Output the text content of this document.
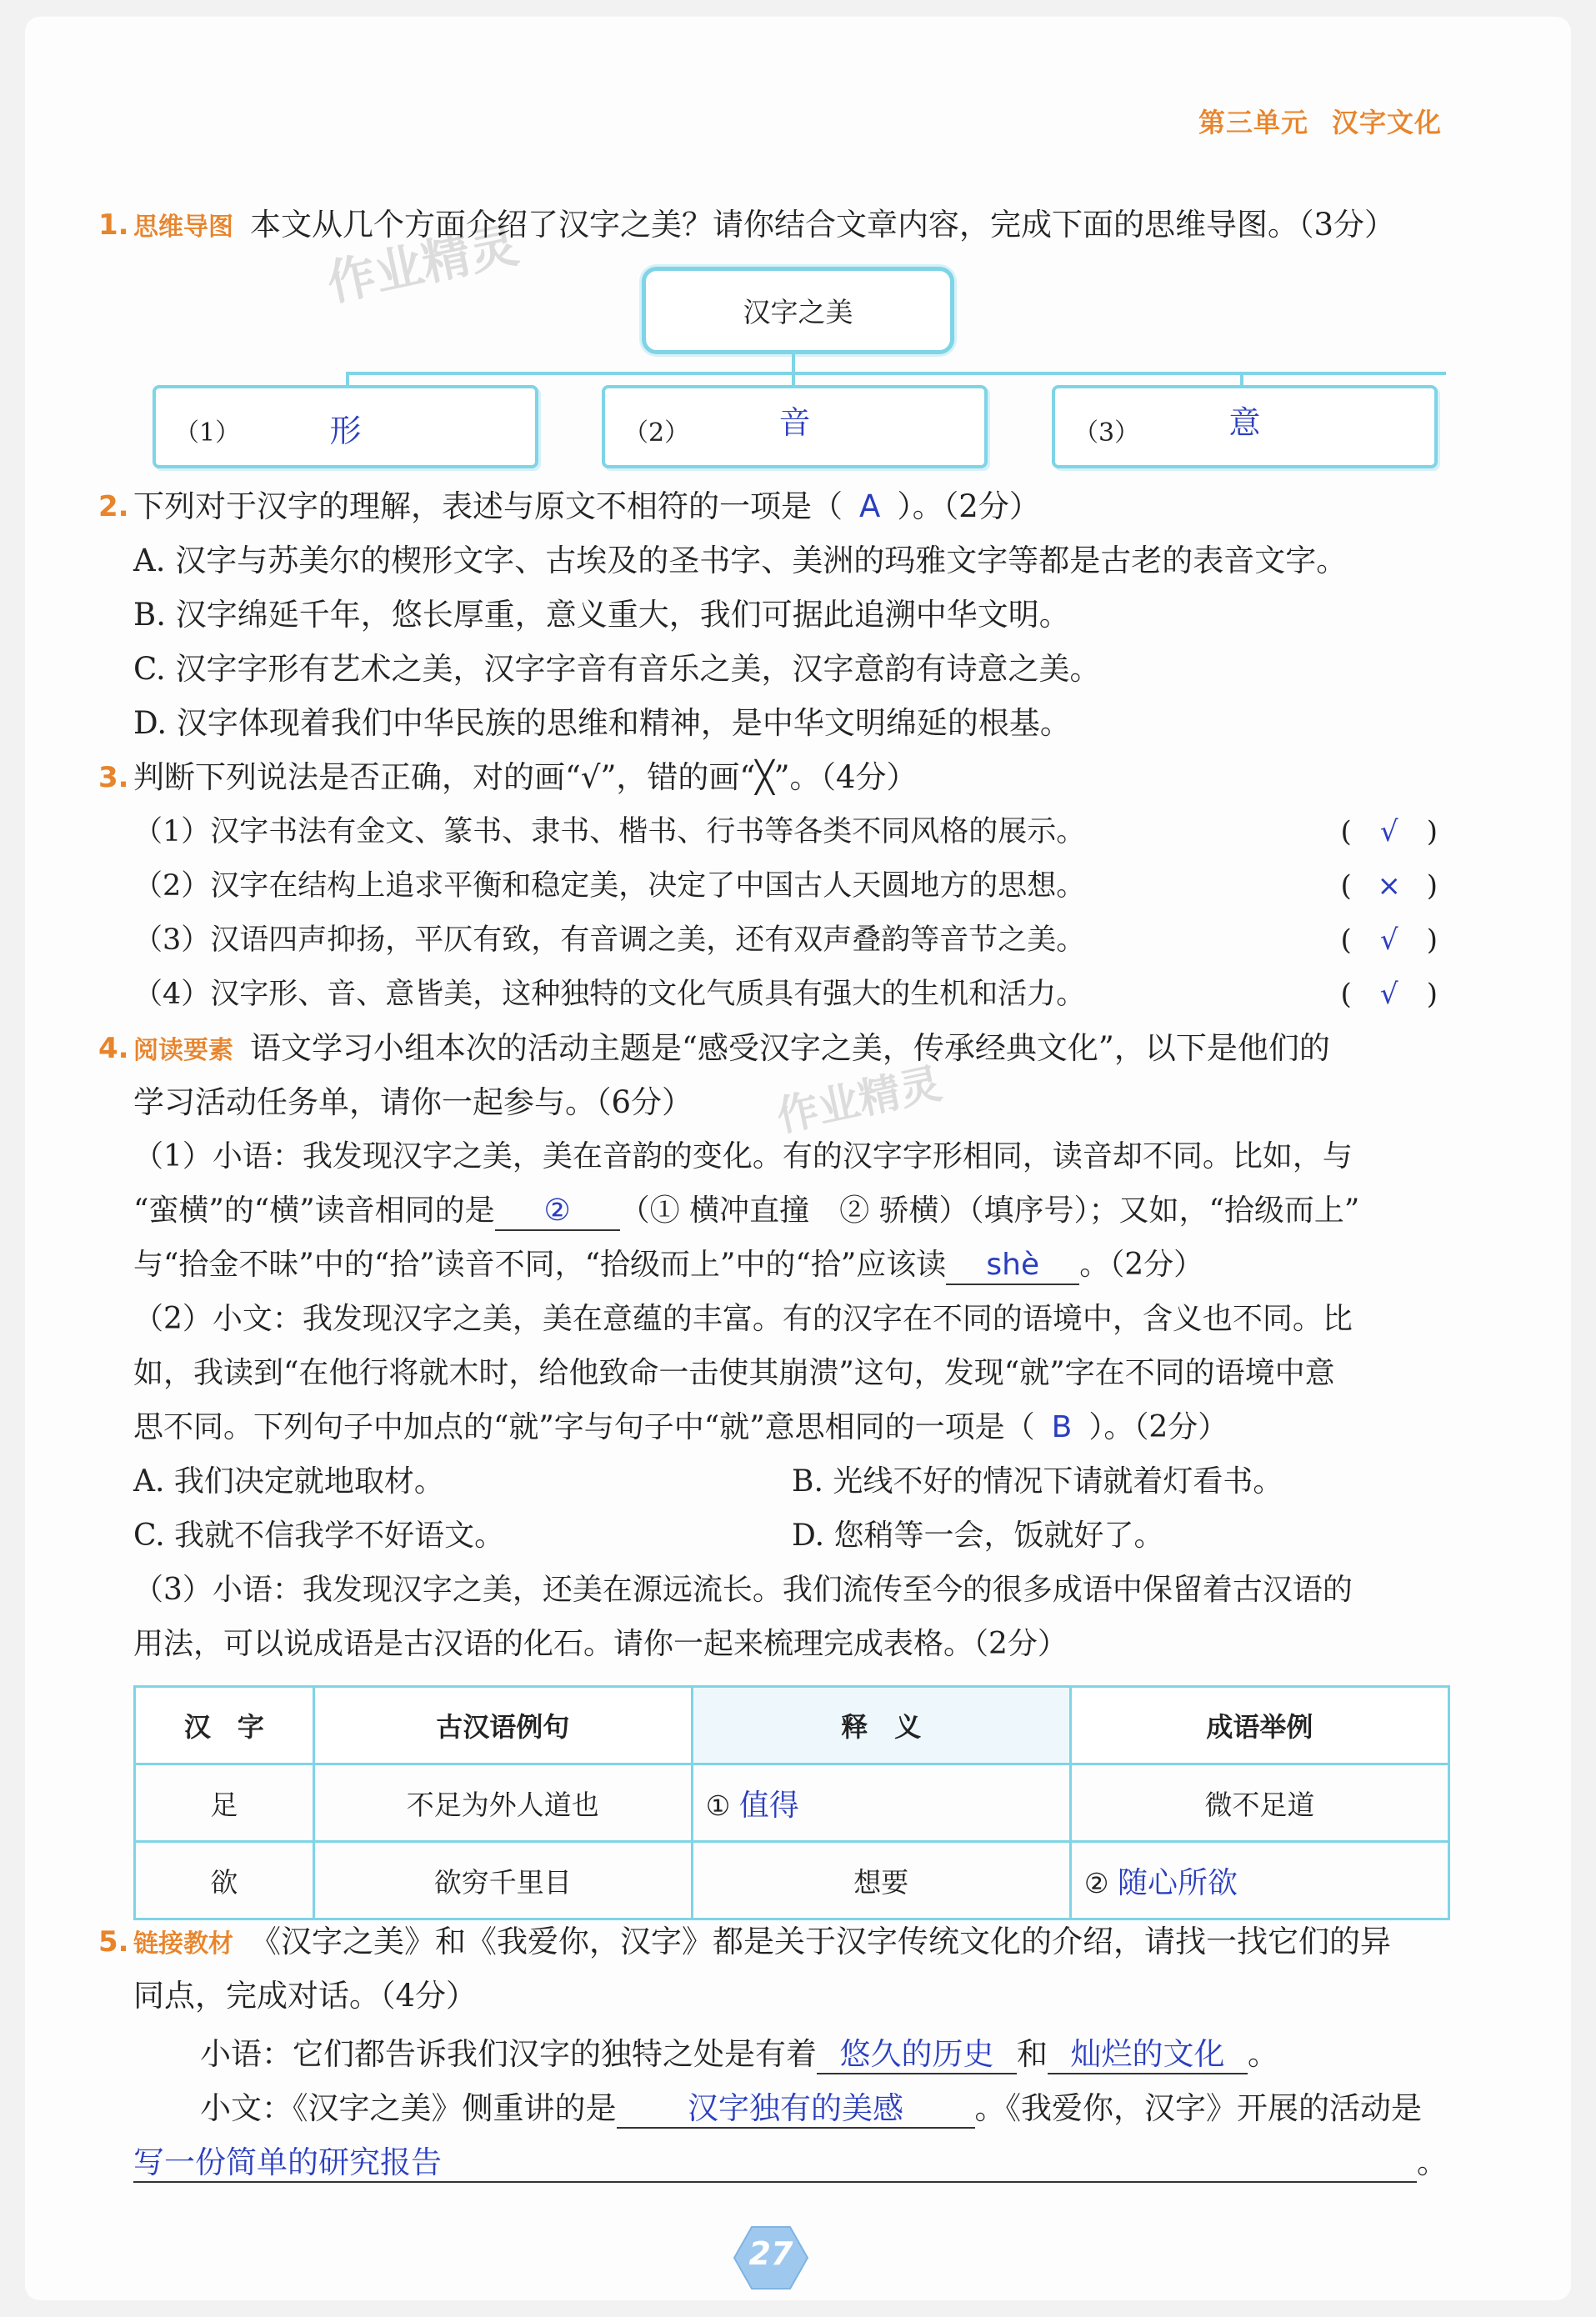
作业精灵
作业精灵
第三单元 汉字文化
1. 思维导图 本文从几个方面介绍了汉字之美？请你结合文章内容，完成下面的思维导图。（3分）
汉字之美
（1）	形	（2）	音	（3）	意
2. 下列对于汉字的理解，表述与原文不相符的一项是（ A ）。（2分）
A. 汉字与苏美尔的楔形文字、古埃及的圣书字、美洲的玛雅文字等都是古老的表音文字。
B. 汉字绵延千年，悠长厚重，意义重大，我们可据此追溯中华文明。
C. 汉字字形有艺术之美，汉字字音有音乐之美，汉字意韵有诗意之美。
D. 汉字体现着我们中华民族的思维和精神，是中华文明绵延的根基。
3. 判断下列说法是否正确，对的画“√”，错的画“╳”。（4分）
（1）汉字书法有金文、篆书、隶书、楷书、行书等各类不同风格的展示。	( √ )
（2）汉字在结构上追求平衡和稳定美，决定了中国古人天圆地方的思想。	( × )
（3）汉语四声抑扬，平仄有致，有音调之美，还有双声叠韵等音节之美。	( √ )
（4）汉字形、音、意皆美，这种独特的文化气质具有强大的生机和活力。	( √ )
4. 阅读要素 语文学习小组本次的活动主题是“感受汉字之美，传承经典文化”，以下是他们的
学习活动任务单，请你一起参与。（6分）
（1）小语：我发现汉字之美，美在音韵的变化。有的汉字字形相同，读音却不同。比如，与
“蛮横”的“横”读音相同的是 ② （① 横冲直撞　② 骄横）（填序号）；又如，“拾级而上”
与“拾金不昧”中的“拾”读音不同，“拾级而上”中的“拾”应该读 shè 。（2分）
（2）小文：我发现汉字之美，美在意蕴的丰富。有的汉字在不同的语境中，含义也不同。比
如，我读到“在他行将就木时，给他致命一击使其崩溃”这句，发现“就”字在不同的语境中意
思不同。下列句子中加点的“就”字与句子中“就”意思相同的一项是（ B ）。（2分）
A. 我们决定就地取材。	B. 光线不好的情况下请就着灯看书。
C. 我就不信我学不好语文。	D. 您稍等一会，饭就好了。
（3）小语：我发现汉字之美，还美在源远流长。我们流传至今的很多成语中保留着古汉语的
用法，可以说成语是古汉语的化石。请你一起来梳理完成表格。（2分）
汉　字	古汉语例句	释　义	成语举例
足	不足为外人道也	① 值得	微不足道
欲	欲穷千里目	想要	② 随心所欲
5. 链接教材 《汉字之美》和《我爱你，汉字》都是关于汉字传统文化的介绍，请找一找它们的异
同点，完成对话。（4分）
小语：它们都告诉我们汉字的独特之处是有着 悠久的历史 和 灿烂的文化 。
小文：《汉字之美》侧重讲的是 汉字独有的美感 。《我爱你，汉字》开展的活动是
写一份简单的研究报告	。
27
